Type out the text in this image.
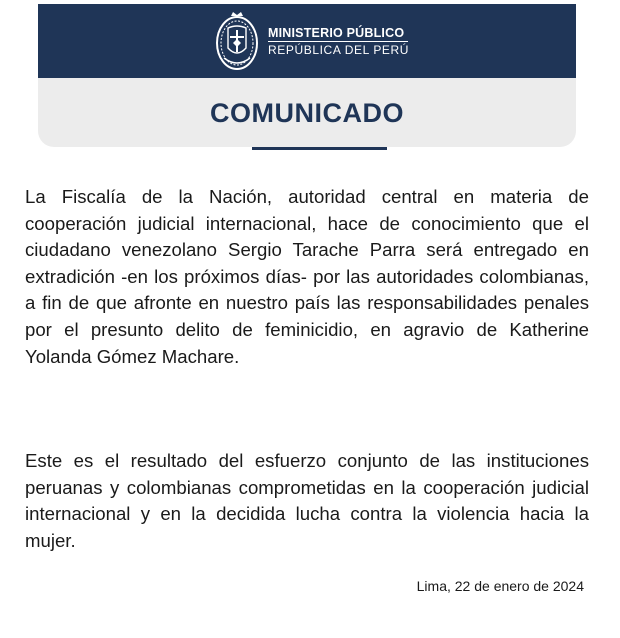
MINISTERIO PÚBLICO
REPÚBLICA DEL PERÚ
COMUNICADO

La Fiscalía de la Nación, autoridad central en materia de cooperación judicial internacional, hace de conocimiento que el ciudadano venezolano Sergio Tarache Parra será entregado en extradición -en los próximos días- por las autoridades colombianas, a fin de que afronte en nuestro país las responsabilidades penales por el presunto delito de feminicidio, en agravio de Katherine Yolanda Gómez Machare.

Este es el resultado del esfuerzo conjunto de las instituciones peruanas y colombianas comprometidas en la cooperación judicial internacional y en la decidida lucha contra la violencia hacia la mujer.

Lima, 22 de enero de 2024
